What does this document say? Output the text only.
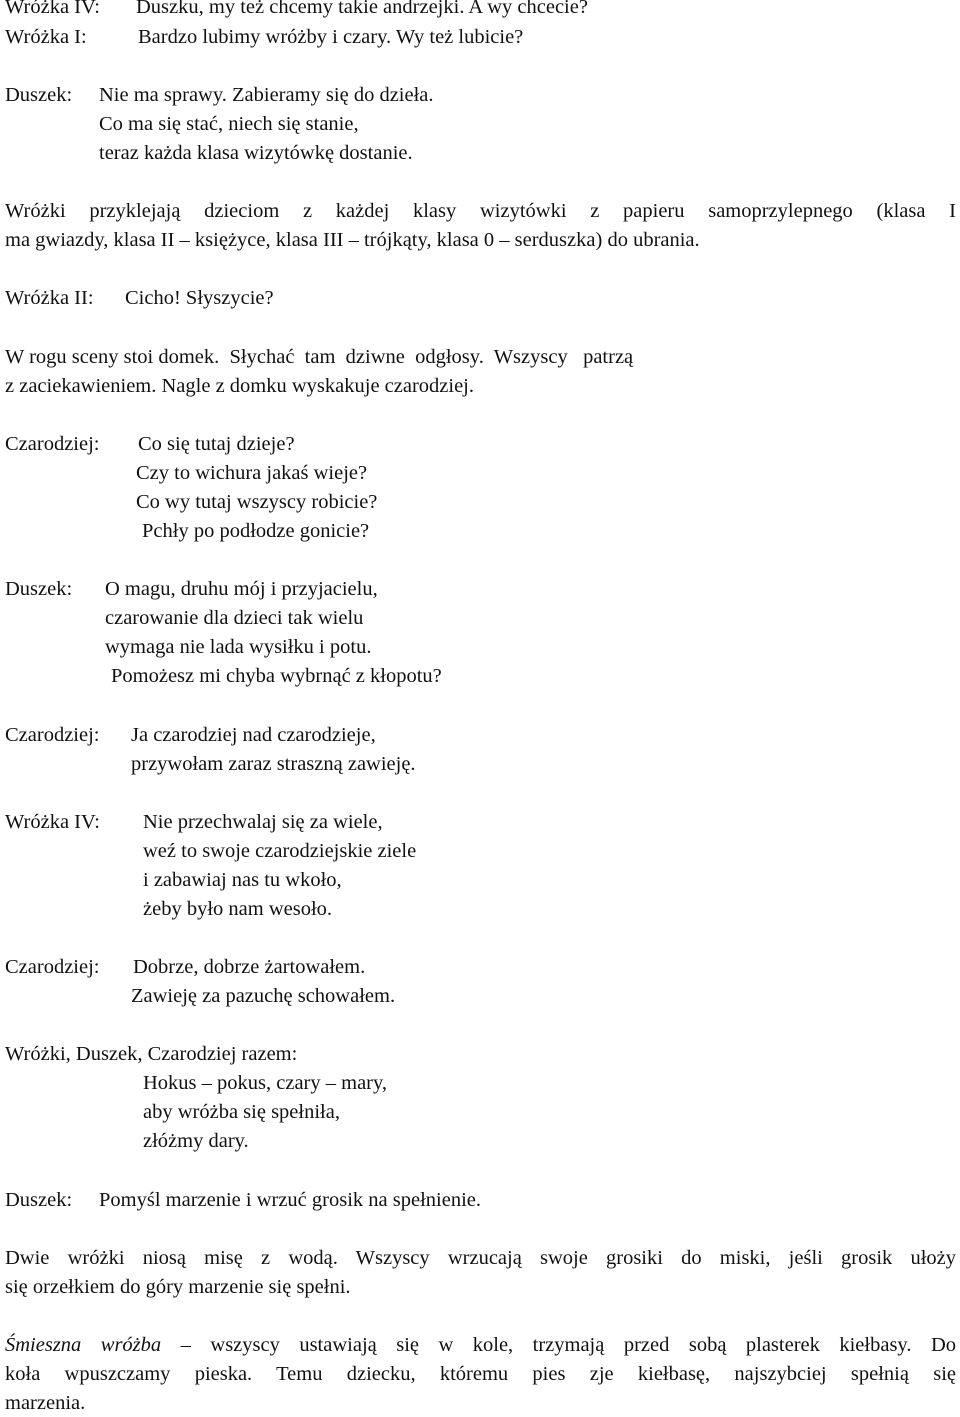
Wróżka IV: Duszku, my też chcemy takie andrzejki. A wy chcecie?
Wróżka I:	Bardzo lubimy wróżby i czary. Wy też lubicie?
Duszek: Nie ma sprawy. Zabieramy się do dzieła.
Co ma się stać, niech się stanie,
teraz każda klasa wizytówkę dostanie.
Wróżki przyklejają dzieciom z każdej klasy wizytówki z papieru samoprzylepnego (klasa I
ma gwiazdy, klasa II – księżyce, klasa III – trójkąty, klasa 0 – serduszka) do ubrania.
Wróżka II: Cicho! Słyszycie?
W rogu sceny stoi domek.  Słychać  tam  dziwne  odgłosy.  Wszyscy   patrzą
z zaciekawieniem. Nagle z domku wyskakuje czarodziej.
Czarodziej: Co się tutaj dzieje?
Czy to wichura jakaś wieje?
Co wy tutaj wszyscy robicie?
Pchły po podłodze gonicie?
Duszek: O magu, druhu mój i przyjacielu,
czarowanie dla dzieci tak wielu
wymaga nie lada wysiłku i potu.
Pomożesz mi chyba wybrnąć z kłopotu?
Czarodziej: Ja czarodziej nad czarodzieje,
przywołam zaraz straszną zawieję.
Wróżka IV: Nie przechwalaj się za wiele,
weź to swoje czarodziejskie ziele
i zabawiaj nas tu wkoło,
żeby było nam wesoło.
Czarodziej: Dobrze, dobrze żartowałem.
Zawieję za pazuchę schowałem.
Wróżki, Duszek, Czarodziej razem:
Hokus – pokus, czary – mary,
aby wróżba się spełniła,
złóżmy dary.
Duszek: Pomyśl marzenie i wrzuć grosik na spełnienie.
Dwie wróżki niosą misę z wodą. Wszyscy wrzucają swoje grosiki do miski, jeśli grosik ułoży
się orzełkiem do góry marzenie się spełni.
Śmieszna wróżba – wszyscy ustawiają się w kole, trzymają przed sobą plasterek kiełbasy. Do
koła wpuszczamy pieska. Temu dziecku, któremu pies zje kiełbasę, najszybciej spełnią się
marzenia.
